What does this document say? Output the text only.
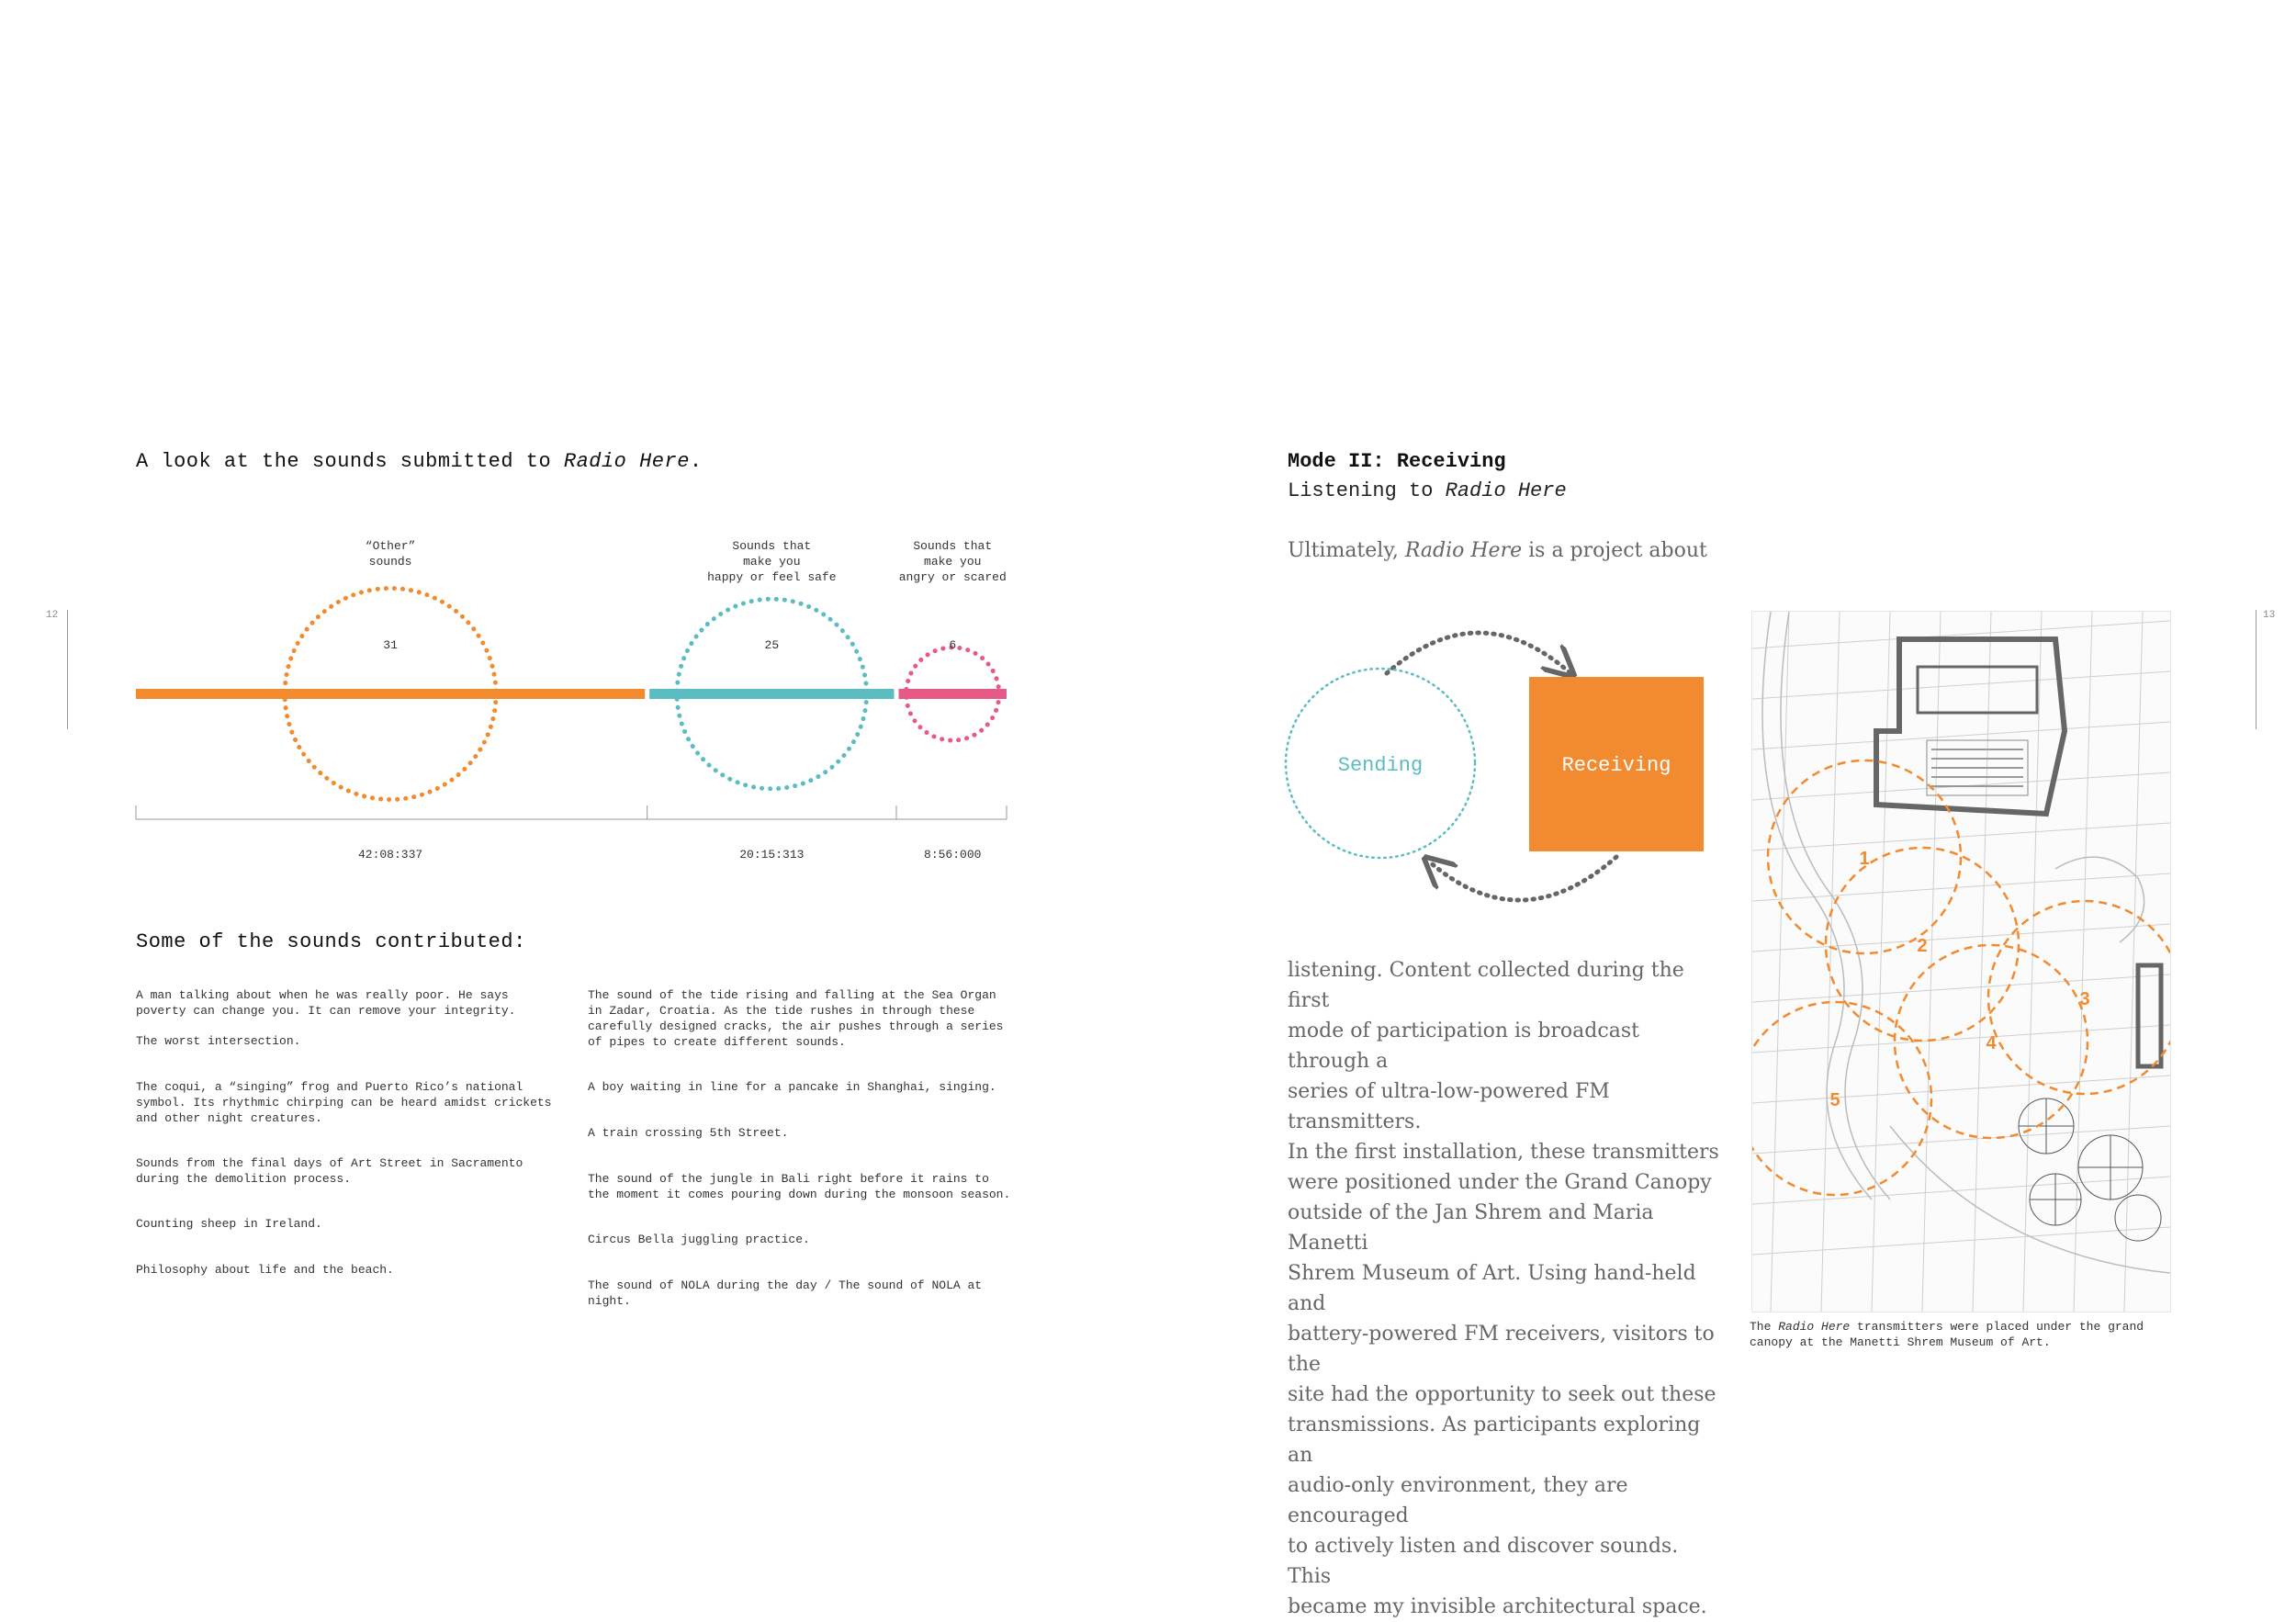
12	13
A look at the sounds submitted to Radio Here.
“Other”
sounds
31
42:08:337
Sounds that
make you
happy or feel safe
25
20:15:313
Sounds that
make you
angry or scared
6
8:56:000
Some of the sounds contributed:
A man talking about when he was really poor. He says poverty can change you. It can remove your integrity.
The worst intersection.
The coqui, a “singing” frog and Puerto Rico’s national symbol. Its rhythmic chirping can be heard amidst crickets and other night creatures.
Sounds from the final days of Art Street in Sacramento during the demolition process.
Counting sheep in Ireland.
Philosophy about life and the beach.
The sound of the tide rising and falling at the Sea Organ in Zadar, Croatia. As the tide rushes in through these carefully designed cracks, the air pushes through a series of pipes to create different sounds.
A boy waiting in line for a pancake in Shanghai, singing.
A train crossing 5th Street.
The sound of the jungle in Bali right before it rains to the moment it comes pouring down during the monsoon season.
Circus Bella juggling practice.
The sound of NOLA during the day / The sound of NOLA at night.
Mode II: Receiving
Listening to Radio Here
Ultimately, Radio Here is a project about
Sending	Receiving
listening. Content collected during the first
mode of participation is broadcast through a
series of ultra-low-powered FM transmitters.
In the first installation, these transmitters
were positioned under the Grand Canopy
outside of the Jan Shrem and Maria Manetti
Shrem Museum of Art. Using hand-held and
battery-powered FM receivers, visitors to the
site had the opportunity to seek out these
transmissions. As participants exploring an
audio-only environment, they are encouraged
to actively listen and discover sounds. This
became my invisible architectural space.
1
2
3
4
5
The Radio Here transmitters were placed under the grand
canopy at the Manetti Shrem Museum of Art.
